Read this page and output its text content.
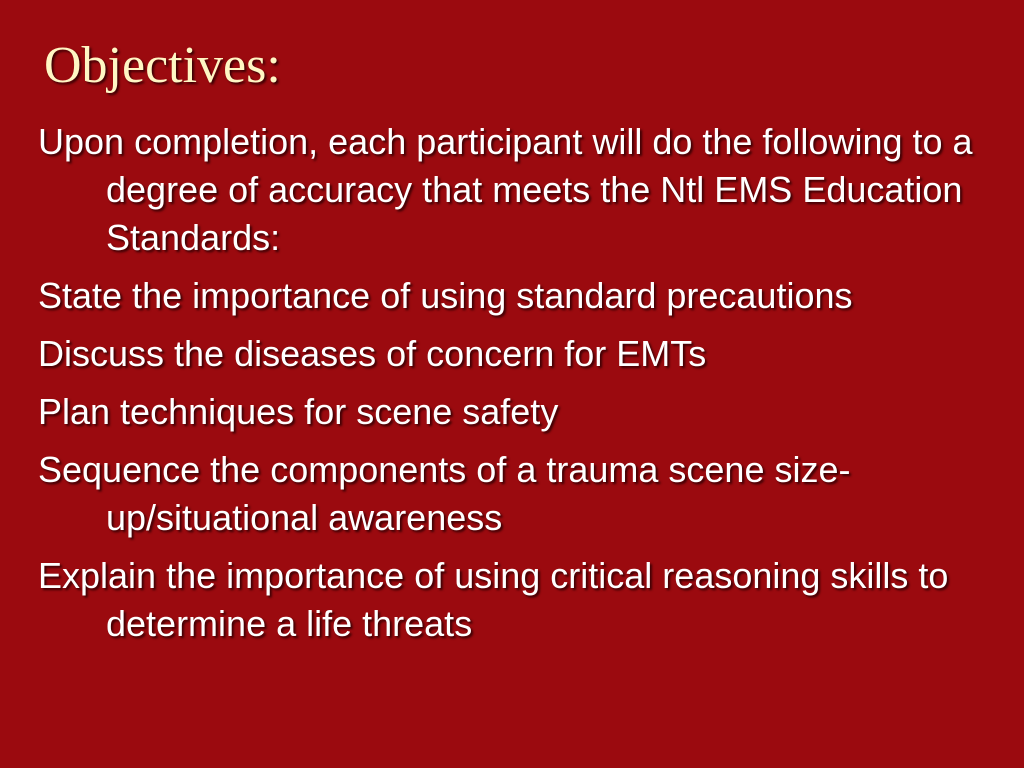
Objectives:
Upon completion, each participant will do the following to a degree of accuracy that meets the Ntl EMS Education Standards:
State the importance of using standard precautions
Discuss the diseases of concern for EMTs
Plan techniques for scene safety
Sequence the components of a trauma scene size-up/situational awareness
Explain the importance of using critical reasoning skills to determine a life threats
